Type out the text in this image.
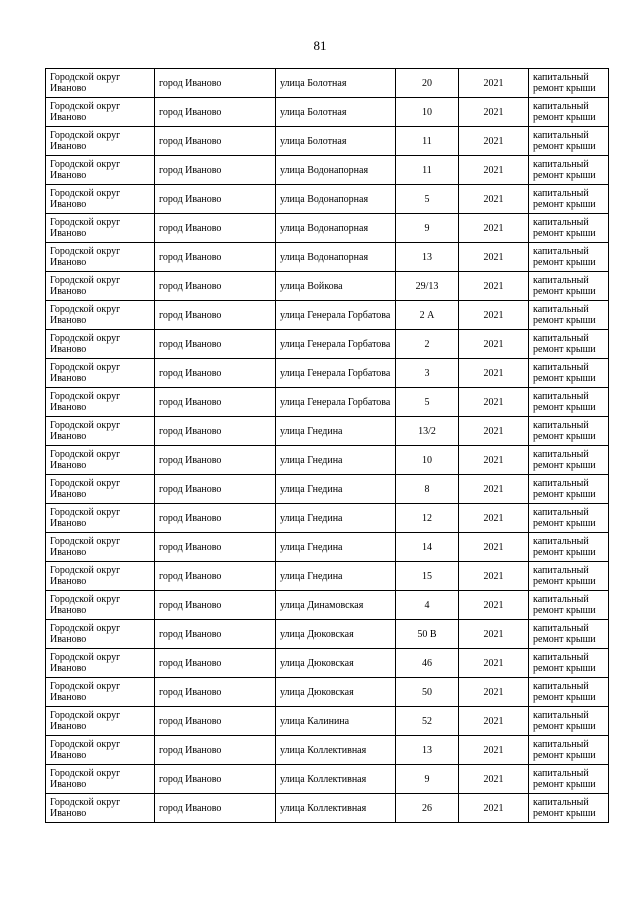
81
Городской округ Иваново	город Иваново	улица Болотная	20	2021	капитальный ремонт крыши
Городской округ Иваново	город Иваново	улица Болотная	10	2021	капитальный ремонт крыши
Городской округ Иваново	город Иваново	улица Болотная	11	2021	капитальный ремонт крыши
Городской округ Иваново	город Иваново	улица Водонапорная	11	2021	капитальный ремонт крыши
Городской округ Иваново	город Иваново	улица Водонапорная	5	2021	капитальный ремонт крыши
Городской округ Иваново	город Иваново	улица Водонапорная	9	2021	капитальный ремонт крыши
Городской округ Иваново	город Иваново	улица Водонапорная	13	2021	капитальный ремонт крыши
Городской округ Иваново	город Иваново	улица Войкова	29/13	2021	капитальный ремонт крыши
Городской округ Иваново	город Иваново	улица Генерала Горбатова	2 А	2021	капитальный ремонт крыши
Городской округ Иваново	город Иваново	улица Генерала Горбатова	2	2021	капитальный ремонт крыши
Городской округ Иваново	город Иваново	улица Генерала Горбатова	3	2021	капитальный ремонт крыши
Городской округ Иваново	город Иваново	улица Генерала Горбатова	5	2021	капитальный ремонт крыши
Городской округ Иваново	город Иваново	улица Гнедина	13/2	2021	капитальный ремонт крыши
Городской округ Иваново	город Иваново	улица Гнедина	10	2021	капитальный ремонт крыши
Городской округ Иваново	город Иваново	улица Гнедина	8	2021	капитальный ремонт крыши
Городской округ Иваново	город Иваново	улица Гнедина	12	2021	капитальный ремонт крыши
Городской округ Иваново	город Иваново	улица Гнедина	14	2021	капитальный ремонт крыши
Городской округ Иваново	город Иваново	улица Гнедина	15	2021	капитальный ремонт крыши
Городской округ Иваново	город Иваново	улица Динамовская	4	2021	капитальный ремонт крыши
Городской округ Иваново	город Иваново	улица Дюковская	50 В	2021	капитальный ремонт крыши
Городской округ Иваново	город Иваново	улица Дюковская	46	2021	капитальный ремонт крыши
Городской округ Иваново	город Иваново	улица Дюковская	50	2021	капитальный ремонт крыши
Городской округ Иваново	город Иваново	улица Калинина	52	2021	капитальный ремонт крыши
Городской округ Иваново	город Иваново	улица Коллективная	13	2021	капитальный ремонт крыши
Городской округ Иваново	город Иваново	улица Коллективная	9	2021	капитальный ремонт крыши
Городской округ Иваново	город Иваново	улица Коллективная	26	2021	капитальный ремонт крыши
